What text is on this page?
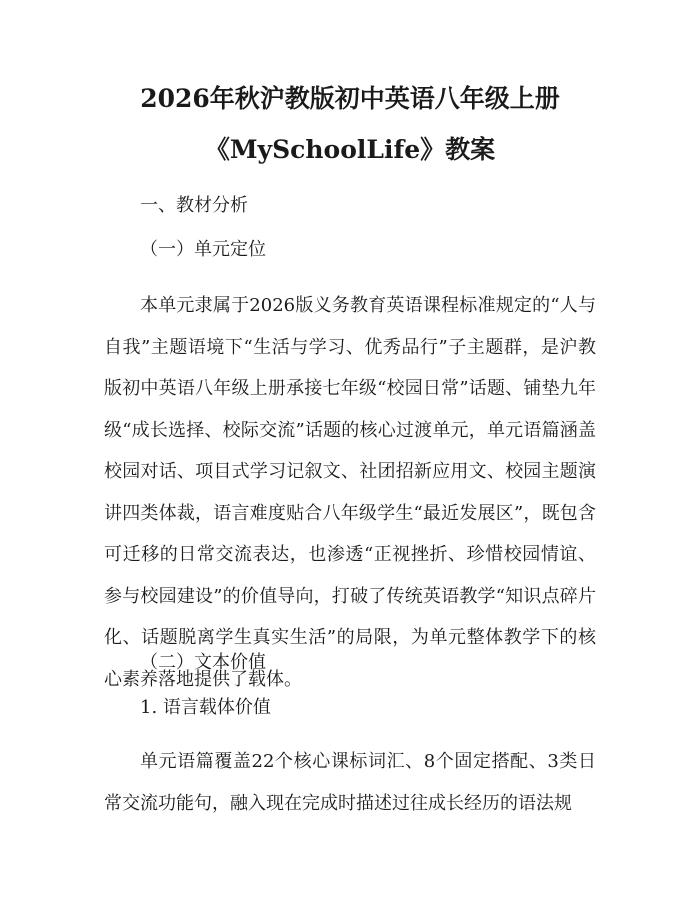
2026年秋沪教版初中英语八年级上册
《MySchoolLife》教案
一、教材分析
（一）单元定位

本单元隶属于2026版义务教育英语课程标准规定的“人与自我”主题语境下“生活与学习、优秀品行”子主题群，是沪教版初中英语八年级上册承接七年级“校园日常”话题、铺垫九年级“成长选择、校际交流”话题的核心过渡单元，单元语篇涵盖校园对话、项目式学习记叙文、社团招新应用文、校园主题演讲四类体裁，语言难度贴合八年级学生“最近发展区”，既包含可迁移的日常交流表达，也渗透“正视挫折、珍惜校园情谊、参与校园建设”的价值导向，打破了传统英语教学“知识点碎片化、话题脱离学生真实生活”的局限，为单元整体教学下的核心素养落地提供了载体。

（二）文本价值
1. 语言载体价值

单元语篇覆盖22个核心课标词汇、8个固定搭配、3类日常交流功能句，融入现在完成时描述过往成长经历的语法规
